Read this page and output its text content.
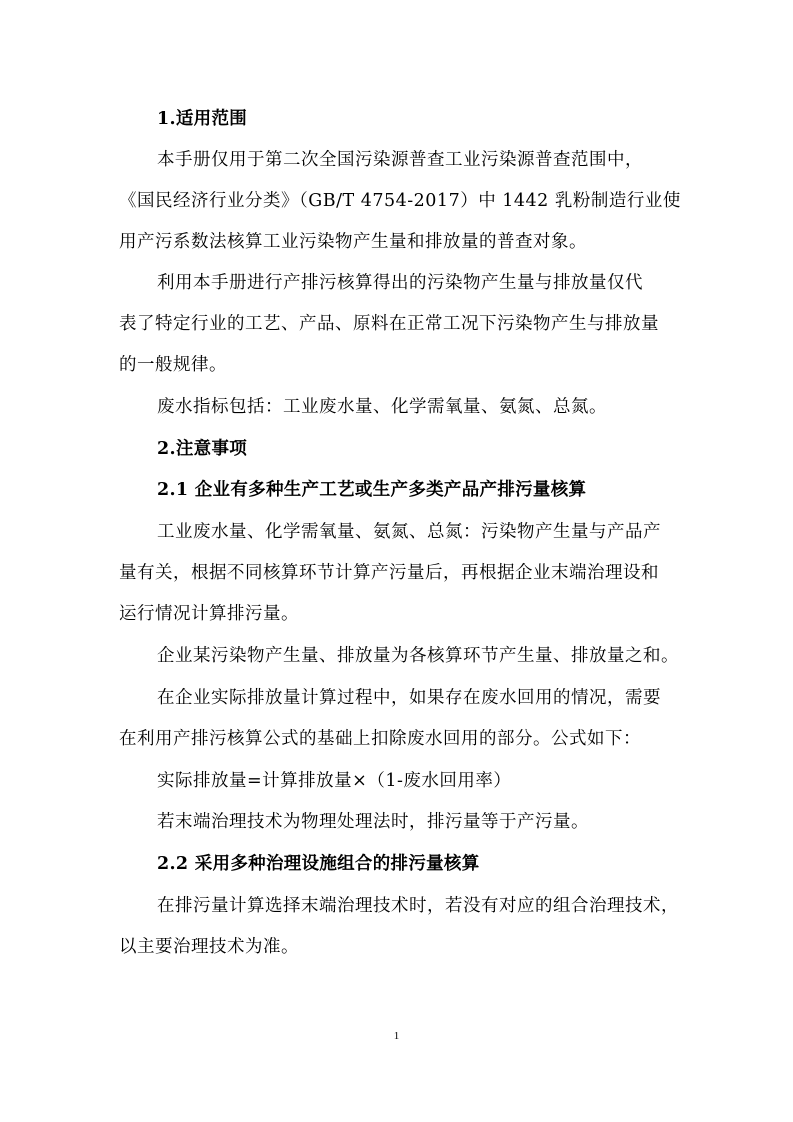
1.适用范围
本手册仅用于第二次全国污染源普查工业污染源普查范围中，
《国民经济行业分类》（GB/T 4754-2017）中 1442 乳粉制造行业使
用产污系数法核算工业污染物产生量和排放量的普查对象。
利用本手册进行产排污核算得出的污染物产生量与排放量仅代
表了特定行业的工艺、产品、原料在正常工况下污染物产生与排放量
的一般规律。
废水指标包括：工业废水量、化学需氧量、氨氮、总氮。
2.注意事项
2.1 企业有多种生产工艺或生产多类产品产排污量核算
工业废水量、化学需氧量、氨氮、总氮：污染物产生量与产品产
量有关，根据不同核算环节计算产污量后，再根据企业末端治理设和
运行情况计算排污量。
企业某污染物产生量、排放量为各核算环节产生量、排放量之和。
在企业实际排放量计算过程中，如果存在废水回用的情况，需要
在利用产排污核算公式的基础上扣除废水回用的部分。公式如下：
实际排放量=计算排放量×（1-废水回用率）
若末端治理技术为物理处理法时，排污量等于产污量。
2.2 采用多种治理设施组合的排污量核算
在排污量计算选择末端治理技术时，若没有对应的组合治理技术，
以主要治理技术为准。
1
